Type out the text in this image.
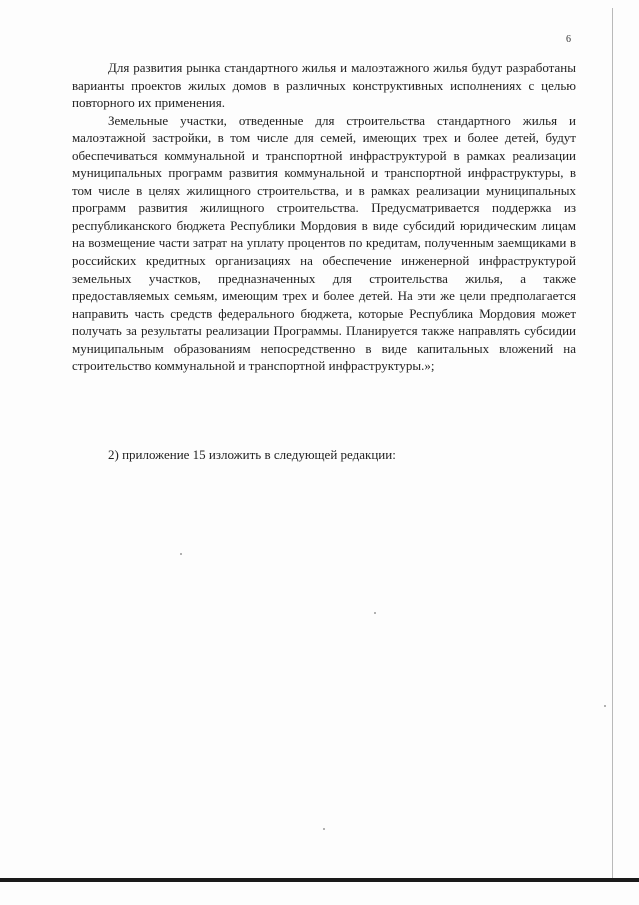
6

Для развития рынка стандартного жилья и малоэтажного жилья будут разработаны варианты проектов жилых домов в различных конструктивных исполнениях с целью повторного их применения.

Земельные участки, отведенные для строительства стандартного жилья и малоэтажной застройки, в том числе для семей, имеющих трех и более детей, будут обеспечиваться коммунальной и транспортной инфраструктурой в рамках реализации муниципальных программ развития коммунальной и транспортной инфраструктуры, в том числе в целях жилищного строительства, и в рамках реализации муниципальных программ развития жилищного строительства. Предусматривается поддержка из республиканского бюджета Республики Мордовия в виде субсидий юридическим лицам на возмещение части затрат на уплату процентов по кредитам, полученным заемщиками в российских кредитных организациях на обеспечение инженерной инфраструктурой земельных участков, предназначенных для строительства жилья, а также предоставляемых семьям, имеющим трех и более детей. На эти же цели предполагается направить часть средств федерального бюджета, которые Республика Мордовия может получать за результаты реализации Программы. Планируется также направлять субсидии муниципальным образованиям непосредственно в виде капитальных вложений на строительство коммунальной и транспортной инфраструктуры.»;

2) приложение 15 изложить в следующей редакции:
